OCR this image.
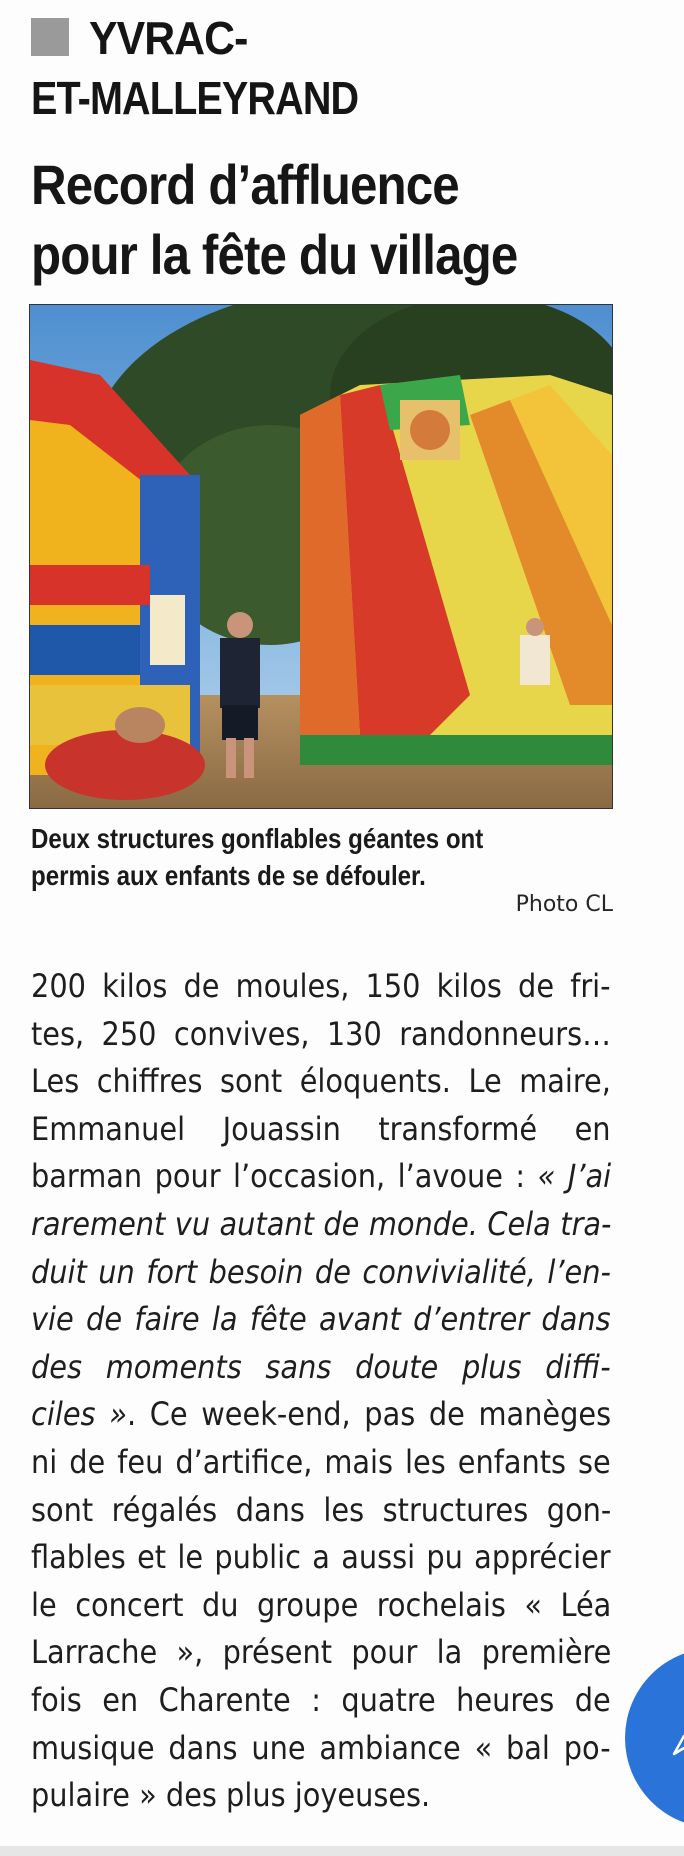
YVRAC-
ET-MALLEYRAND
Record d’affluence
pour la fête du village
Deux structures gonflables géantes ont
permis aux enfants de se défouler.
Photo CL
200 kilos de moules, 150 kilos de fri-
tes, 250 convives, 130 randonneurs…
Les chiffres sont éloquents. Le maire,
Emmanuel Jouassin transformé en
barman pour l’occasion, l’avoue : « J’ai
rarement vu autant de monde. Cela tra-
duit un fort besoin de convivialité, l’en-
vie de faire la fête avant d’entrer dans
des moments sans doute plus diffi-
ciles ». Ce week-end, pas de manèges
ni de feu d’artifice, mais les enfants se
sont régalés dans les structures gon-
flables et le public a aussi pu apprécier
le concert du groupe rochelais « Léa
Larrache », présent pour la première
fois en Charente : quatre heures de
musique dans une ambiance « bal po-
pulaire » des plus joyeuses.
